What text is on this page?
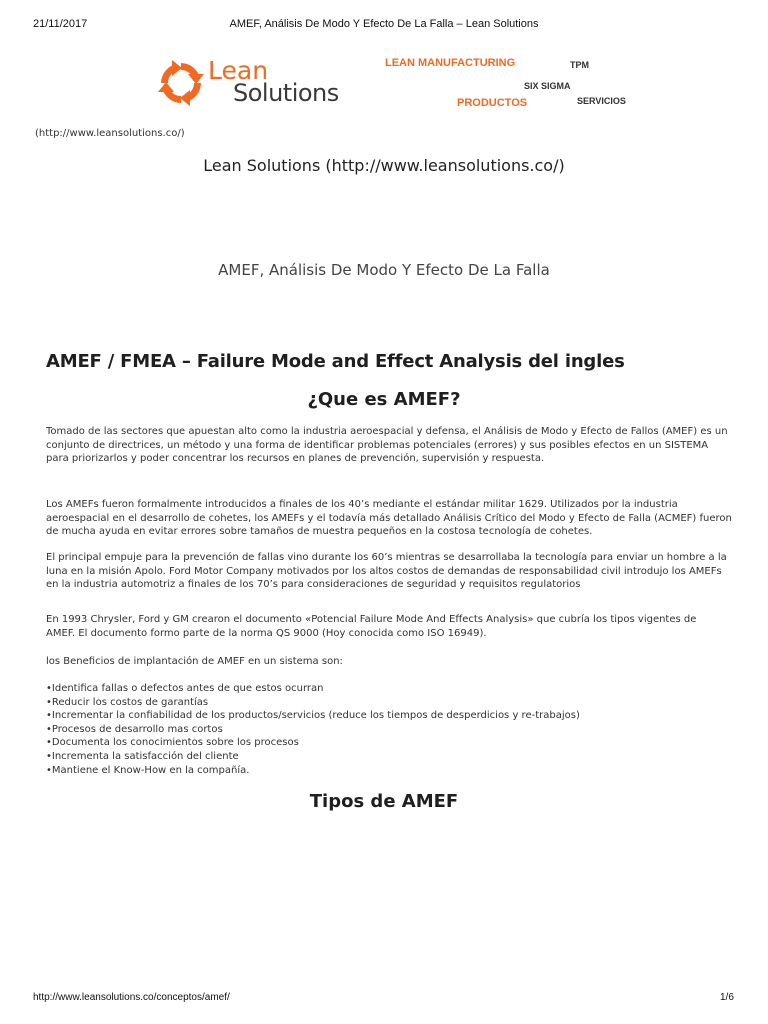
21/11/2017	AMEF, Análisis De Modo Y Efecto De La Falla – Lean Solutions
Lean
Solutions
LEAN MANUFACTURING	TPM
SIX SIGMA
PRODUCTOS	SERVICIOS
(http://www.leansolutions.co/)
Lean Solutions (http://www.leansolutions.co/)
AMEF, Análisis De Modo Y Efecto De La Falla
AMEF / FMEA – Failure Mode and Effect Analysis del ingles
¿Que es AMEF?
Tomado de las sectores que apuestan alto como la industria aeroespacial y defensa, el Análisis de Modo y Efecto de Fallos (AMEF) es un
conjunto de directrices, un método y una forma de identificar problemas potenciales (errores) y sus posibles efectos en un SISTEMA
para priorizarlos y poder concentrar los recursos en planes de prevención, supervisión y respuesta.
Los AMEFs fueron formalmente introducidos a finales de los 40’s mediante el estándar militar 1629. Utilizados por la industria
aeroespacial en el desarrollo de cohetes, los AMEFs y el todavía más detallado Análisis Crítico del Modo y Efecto de Falla (ACMEF) fueron
de mucha ayuda en evitar errores sobre tamaños de muestra pequeños en la costosa tecnología de cohetes.
El principal empuje para la prevención de fallas vino durante los 60’s mientras se desarrollaba la tecnología para enviar un hombre a la
luna en la misión Apolo. Ford Motor Company motivados por los altos costos de demandas de responsabilidad civil introdujo los AMEFs
en la industria automotriz a finales de los 70’s para consideraciones de seguridad y requisitos regulatorios
En 1993 Chrysler, Ford y GM crearon el documento «Potencial Failure Mode And Effects Analysis» que cubría los tipos vigentes de
AMEF. El documento formo parte de la norma QS 9000 (Hoy conocida como ISO 16949).
los Beneficios de implantación de AMEF en un sistema son:
•Identifica fallas o defectos antes de que estos ocurran
•Reducir los costos de garantías
•Incrementar la confiabilidad de los productos/servicios (reduce los tiempos de desperdicios y re-trabajos)
•Procesos de desarrollo mas cortos
•Documenta los conocimientos sobre los procesos
•Incrementa la satisfacción del cliente
•Mantiene el Know-How en la compañía.
Tipos de AMEF
http://www.leansolutions.co/conceptos/amef/	1/6
